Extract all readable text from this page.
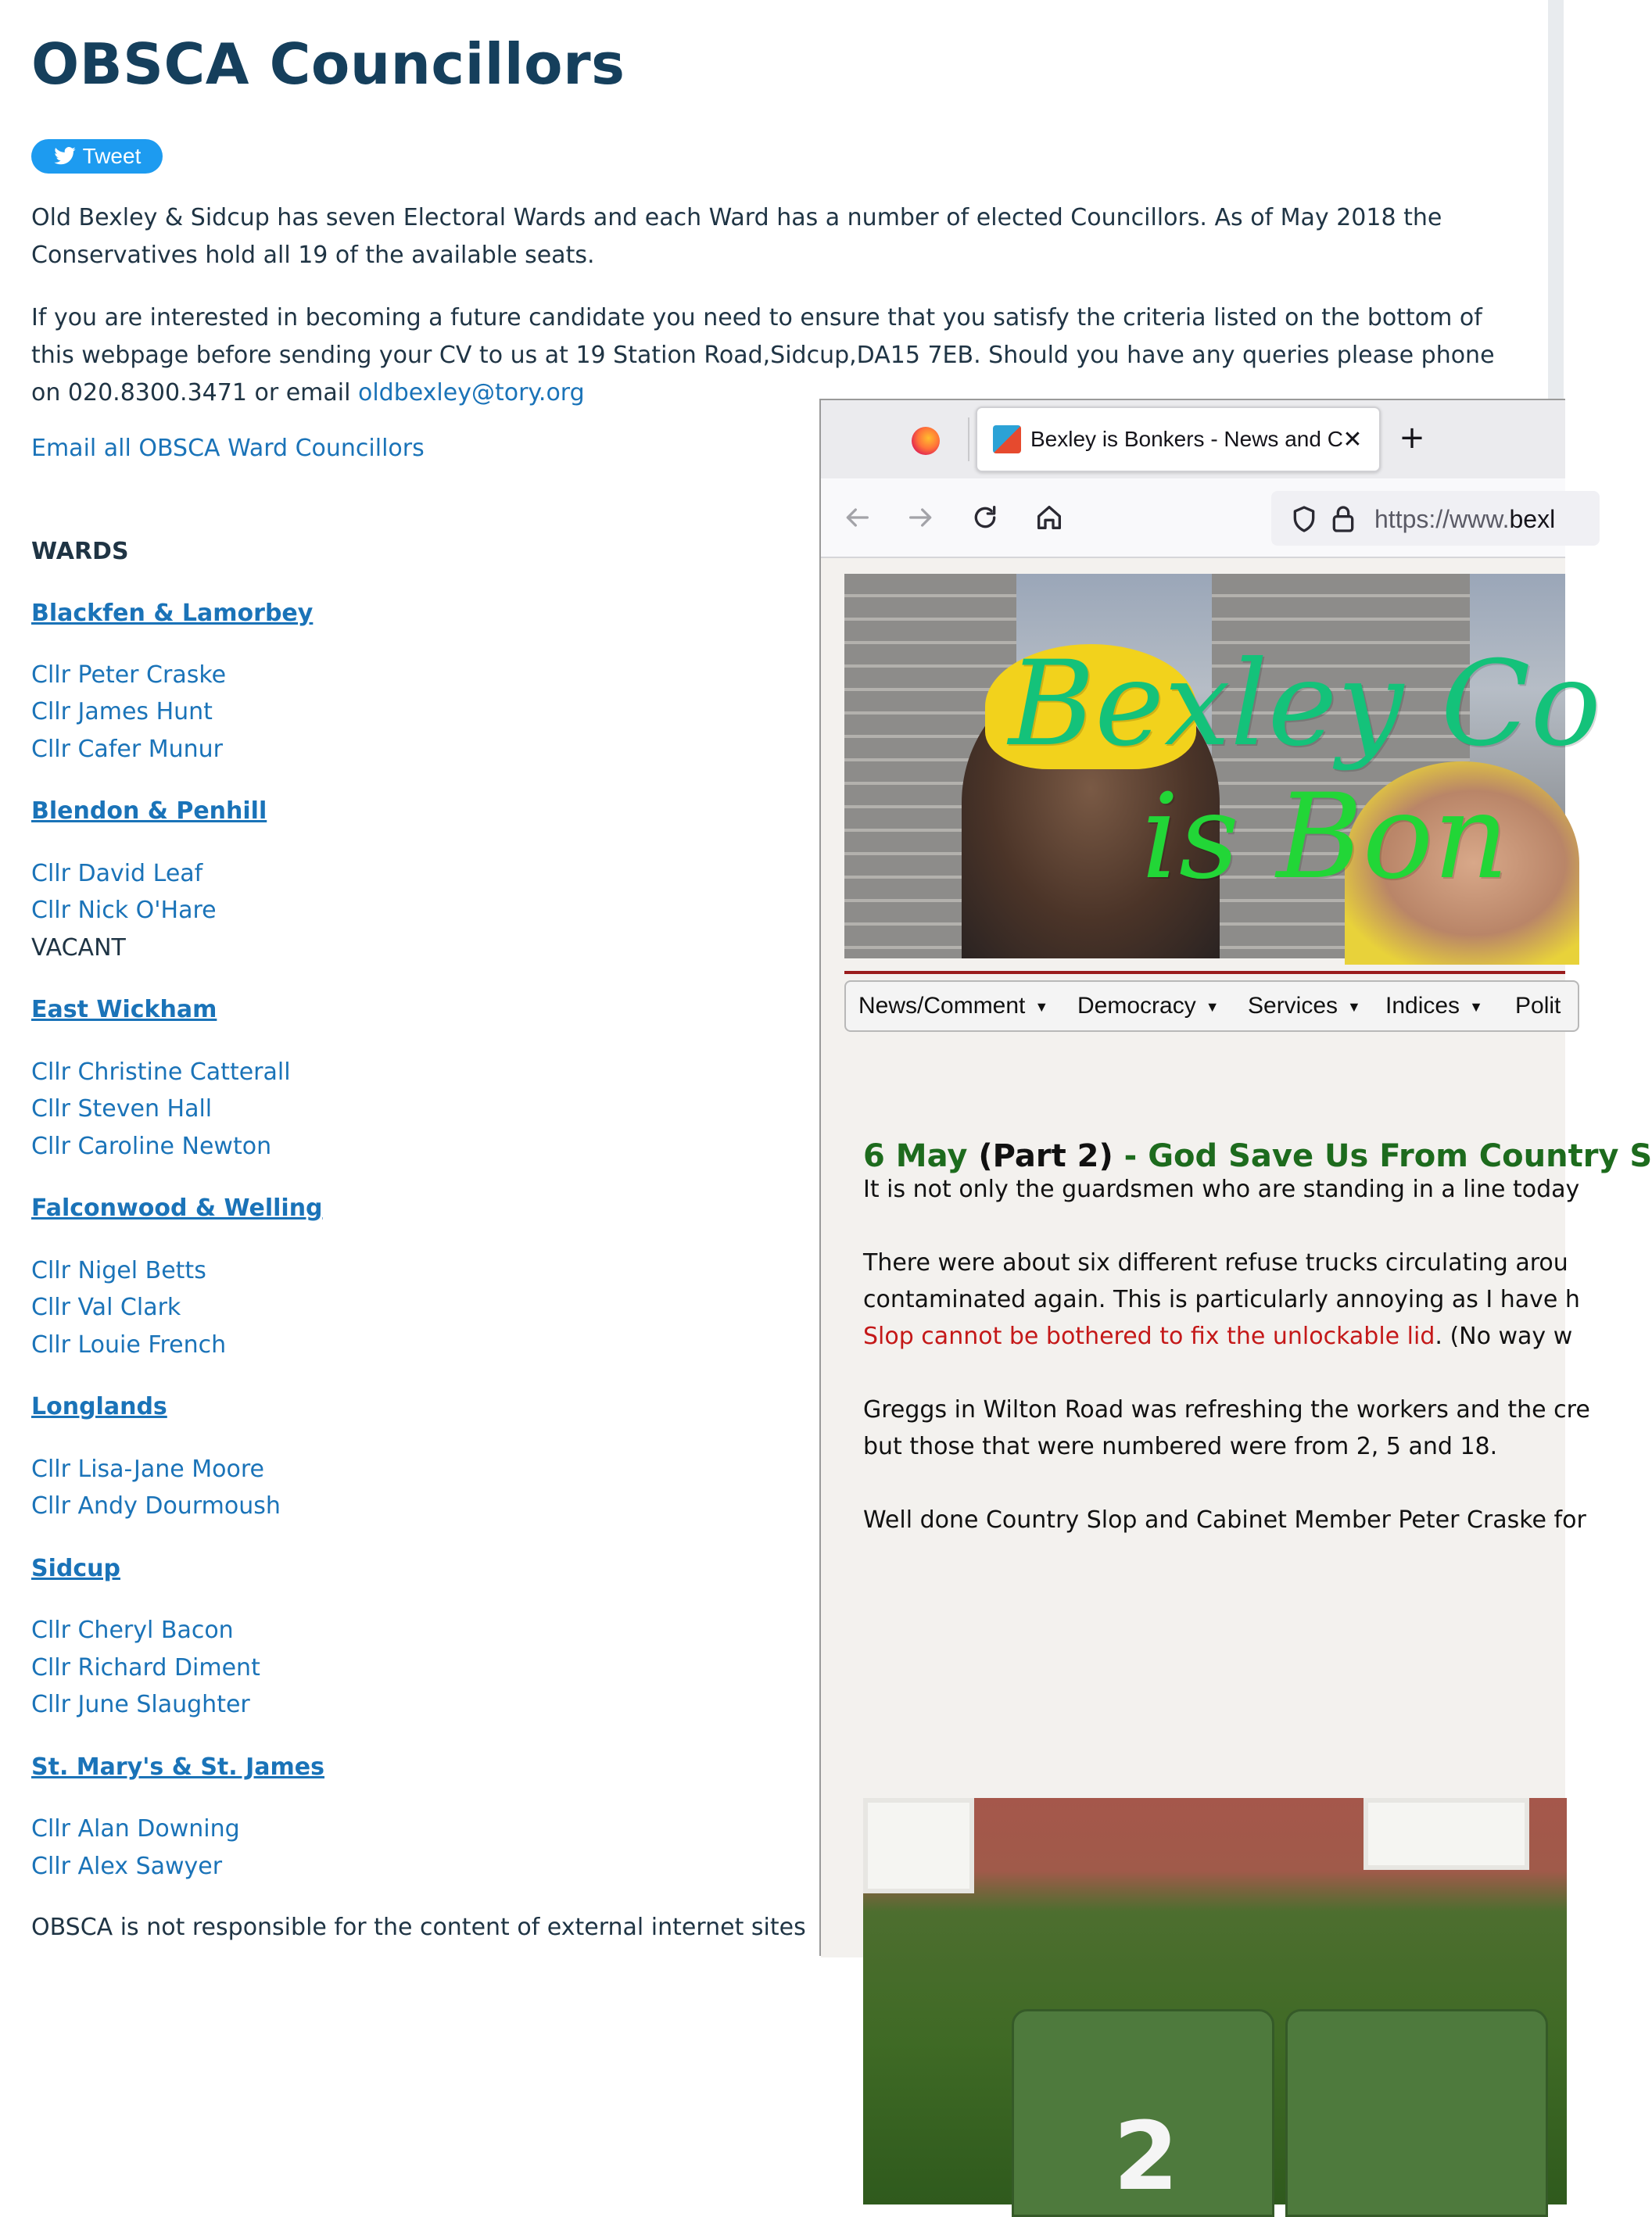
OBSCA Councillors
Tweet

Old Bexley & Sidcup has seven Electoral Wards and each Ward has a number of elected Councillors. As of May 2018 the Conservatives hold all 19 of the available seats.

If you are interested in becoming a future candidate you need to ensure that you satisfy the criteria listed on the bottom of this webpage before sending your CV to us at 19 Station Road,Sidcup,DA15 7EB. Should you have any queries please phone on 020.8300.3471 or email oldbexley@tory.org

Email all OBSCA Ward Councillors
WARDS
Blackfen & Lamorbey
Cllr Peter Craske
Cllr James Hunt
Cllr Cafer Munur
Blendon & Penhill
Cllr David Leaf
Cllr Nick O'Hare
VACANT
East Wickham
Cllr Christine Catterall
Cllr Steven Hall
Cllr Caroline Newton
Falconwood & Welling
Cllr Nigel Betts
Cllr Val Clark
Cllr Louie French
Longlands
Cllr Lisa-Jane Moore
Cllr Andy Dourmoush
Sidcup
Cllr Cheryl Bacon
Cllr Richard Diment
Cllr June Slaughter
St. Mary's & St. James
Cllr Alan Downing
Cllr Alex Sawyer
OBSCA is not responsible for the content of external internet sites
Bexley is Bonkers - News and C ✕ +
https://www.bexl
Bexley Co
is Bon
News/Comment ▼ Democracy ▼ Services ▼ Indices ▼ Polit
6 May (Part 2) - God Save Us From Country S
It is not only the guardsmen who are standing in a line today
There were about six different refuse trucks circulating arou
contaminated again. This is particularly annoying as I have h
Slop cannot be bothered to fix the unlockable lid. (No way w
Greggs in Wilton Road was refreshing the workers and the cre
but those that were numbered were from 2, 5 and 18.
Well done Country Slop and Cabinet Member Peter Craske for
2
